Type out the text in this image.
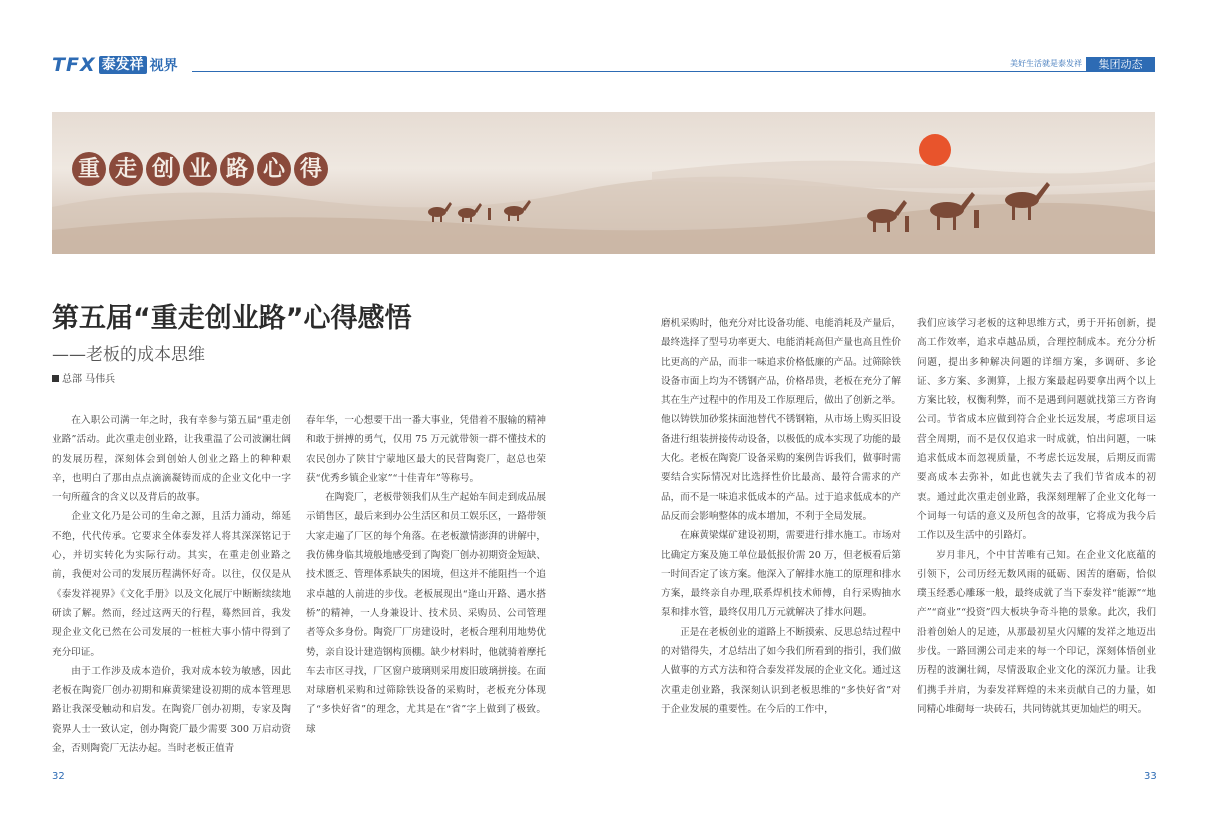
TFX 泰发祥 视界	美好生活就是泰发祥	集团动态
重 走 创 业 路 心 得
第五届“重走创业路”心得感悟
——老板的成本思维
总部 马伟兵

在入职公司满一年之时，我有幸参与第五届“重走创业路”活动。此次重走创业路，让我重温了公司波澜壮阔的发展历程，深刻体会到创始人创业之路上的种种艰辛，也明白了那由点点滴滴凝铸而成的企业文化中一字一句所蕴含的含义以及背后的故事。

企业文化乃是公司的生命之源，且活力涌动，绵延不绝，代代传承。它要求全体泰发祥人将其深深铭记于心，并切实转化为实际行动。其实，在重走创业路之前，我便对公司的发展历程满怀好奇。以往，仅仅是从《泰发祥视界》《文化手册》以及文化展厅中断断续续地研读了解。然而，经过这两天的行程，蓦然回首，我发现企业文化已然在公司发展的一桩桩大事小情中得到了充分印证。

由于工作涉及成本造价，我对成本较为敏感，因此老板在陶瓷厂创办初期和麻黄梁建设初期的成本管理思路让我深受触动和启发。在陶瓷厂创办初期，专家及陶瓷界人士一致认定，创办陶瓷厂最少需要 300 万启动资金，否则陶瓷厂无法办起。当时老板正值青

春年华，一心想要干出一番大事业，凭借着不服输的精神和敢于拼搏的勇气，仅用 75 万元就带领一群不懂技术的农民创办了陕甘宁蒙地区最大的民营陶瓷厂，赵总也荣获“优秀乡镇企业家”“十佳青年”等称号。

在陶瓷厂，老板带领我们从生产起始车间走到成品展示销售区，最后来到办公生活区和员工娱乐区，一路带领大家走遍了厂区的每个角落。在老板激情澎湃的讲解中，我仿佛身临其境般地感受到了陶瓷厂创办初期资金短缺、技术匮乏、管理体系缺失的困境，但这并不能阻挡一个追求卓越的人前进的步伐。老板展现出“逢山开路、遇水搭桥”的精神，一人身兼设计、技术员、采购员、公司管理者等众多身份。陶瓷厂厂房建设时，老板合理利用地势优势，亲自设计建造钢构顶棚。缺少材料时，他就骑着摩托车去市区寻找，厂区窗户玻璃则采用废旧玻璃拼接。在面对球磨机采购和过筛除铁设备的采购时，老板充分体现了“多快好省”的理念，尤其是在“省”字上做到了极致。球

磨机采购时，他充分对比设备功能、电能消耗及产量后，最终选择了型号功率更大、电能消耗高但产量也高且性价比更高的产品，而非一味追求价格低廉的产品。过筛除铁设备市面上均为不锈钢产品，价格昂贵，老板在充分了解其在生产过程中的作用及工作原理后，做出了创新之举。他以铸铁加砂浆抹面池替代不锈钢箱，从市场上购买旧设备进行组装拼接传动设备，以极低的成本实现了功能的最大化。老板在陶瓷厂设备采购的案例告诉我们，做事时需要结合实际情况对比选择性价比最高、最符合需求的产品，而不是一味追求低成本的产品。过于追求低成本的产品反而会影响整体的成本增加，不利于全局发展。

在麻黄梁煤矿建设初期，需要进行排水施工。市场对比确定方案及施工单位最低报价需 20 万，但老板看后第一时间否定了该方案。他深入了解排水施工的原理和排水方案，最终亲自办理,联系焊机技术师傅，自行采购抽水泵和排水管，最终仅用几万元就解决了排水问题。

正是在老板创业的道路上不断摸索、反思总结过程中的对错得失，才总结出了如今我们所看到的指引，我们做人做事的方式方法和符合泰发祥发展的企业文化。通过这次重走创业路，我深刻认识到老板思维的“多快好省”对于企业发展的重要性。在今后的工作中，

我们应该学习老板的这种思维方式，勇于开拓创新，提高工作效率，追求卓越品质，合理控制成本。充分分析问题，提出多种解决问题的详细方案，多调研、多论证、多方案、多测算，上报方案最起码要拿出两个以上方案比较，权衡利弊，而不是遇到问题就找第三方咨询公司。节省成本应做到符合企业长远发展，考虑项目运营全周期，而不是仅仅追求一时成就，怕出问题，一味追求低成本而忽视质量，不考虑长远发展，后期反而需要高成本去弥补，如此也就失去了我们节省成本的初衷。通过此次重走创业路，我深刻理解了企业文化每一个词每一句话的意义及所包含的故事，它将成为我今后工作以及生活中的引路灯。

岁月非凡，个中甘苦唯有己知。在企业文化底蕴的引领下，公司历经无数风雨的砥砺、困苦的磨砺，恰似璞玉经悉心雕琢一般，最终成就了当下泰发祥“能源”“地产”“商业”“投资”四大板块争奇斗艳的景象。此次，我们沿着创始人的足迹，从那最初星火闪耀的发祥之地迈出步伐。一路回溯公司走来的每一个印记，深刻体悟创业历程的波澜壮阔，尽情汲取企业文化的深沉力量。让我们携手并肩，为泰发祥辉煌的未来贡献自己的力量，如同精心堆砌每一块砖石，共同铸就其更加灿烂的明天。

32	33
